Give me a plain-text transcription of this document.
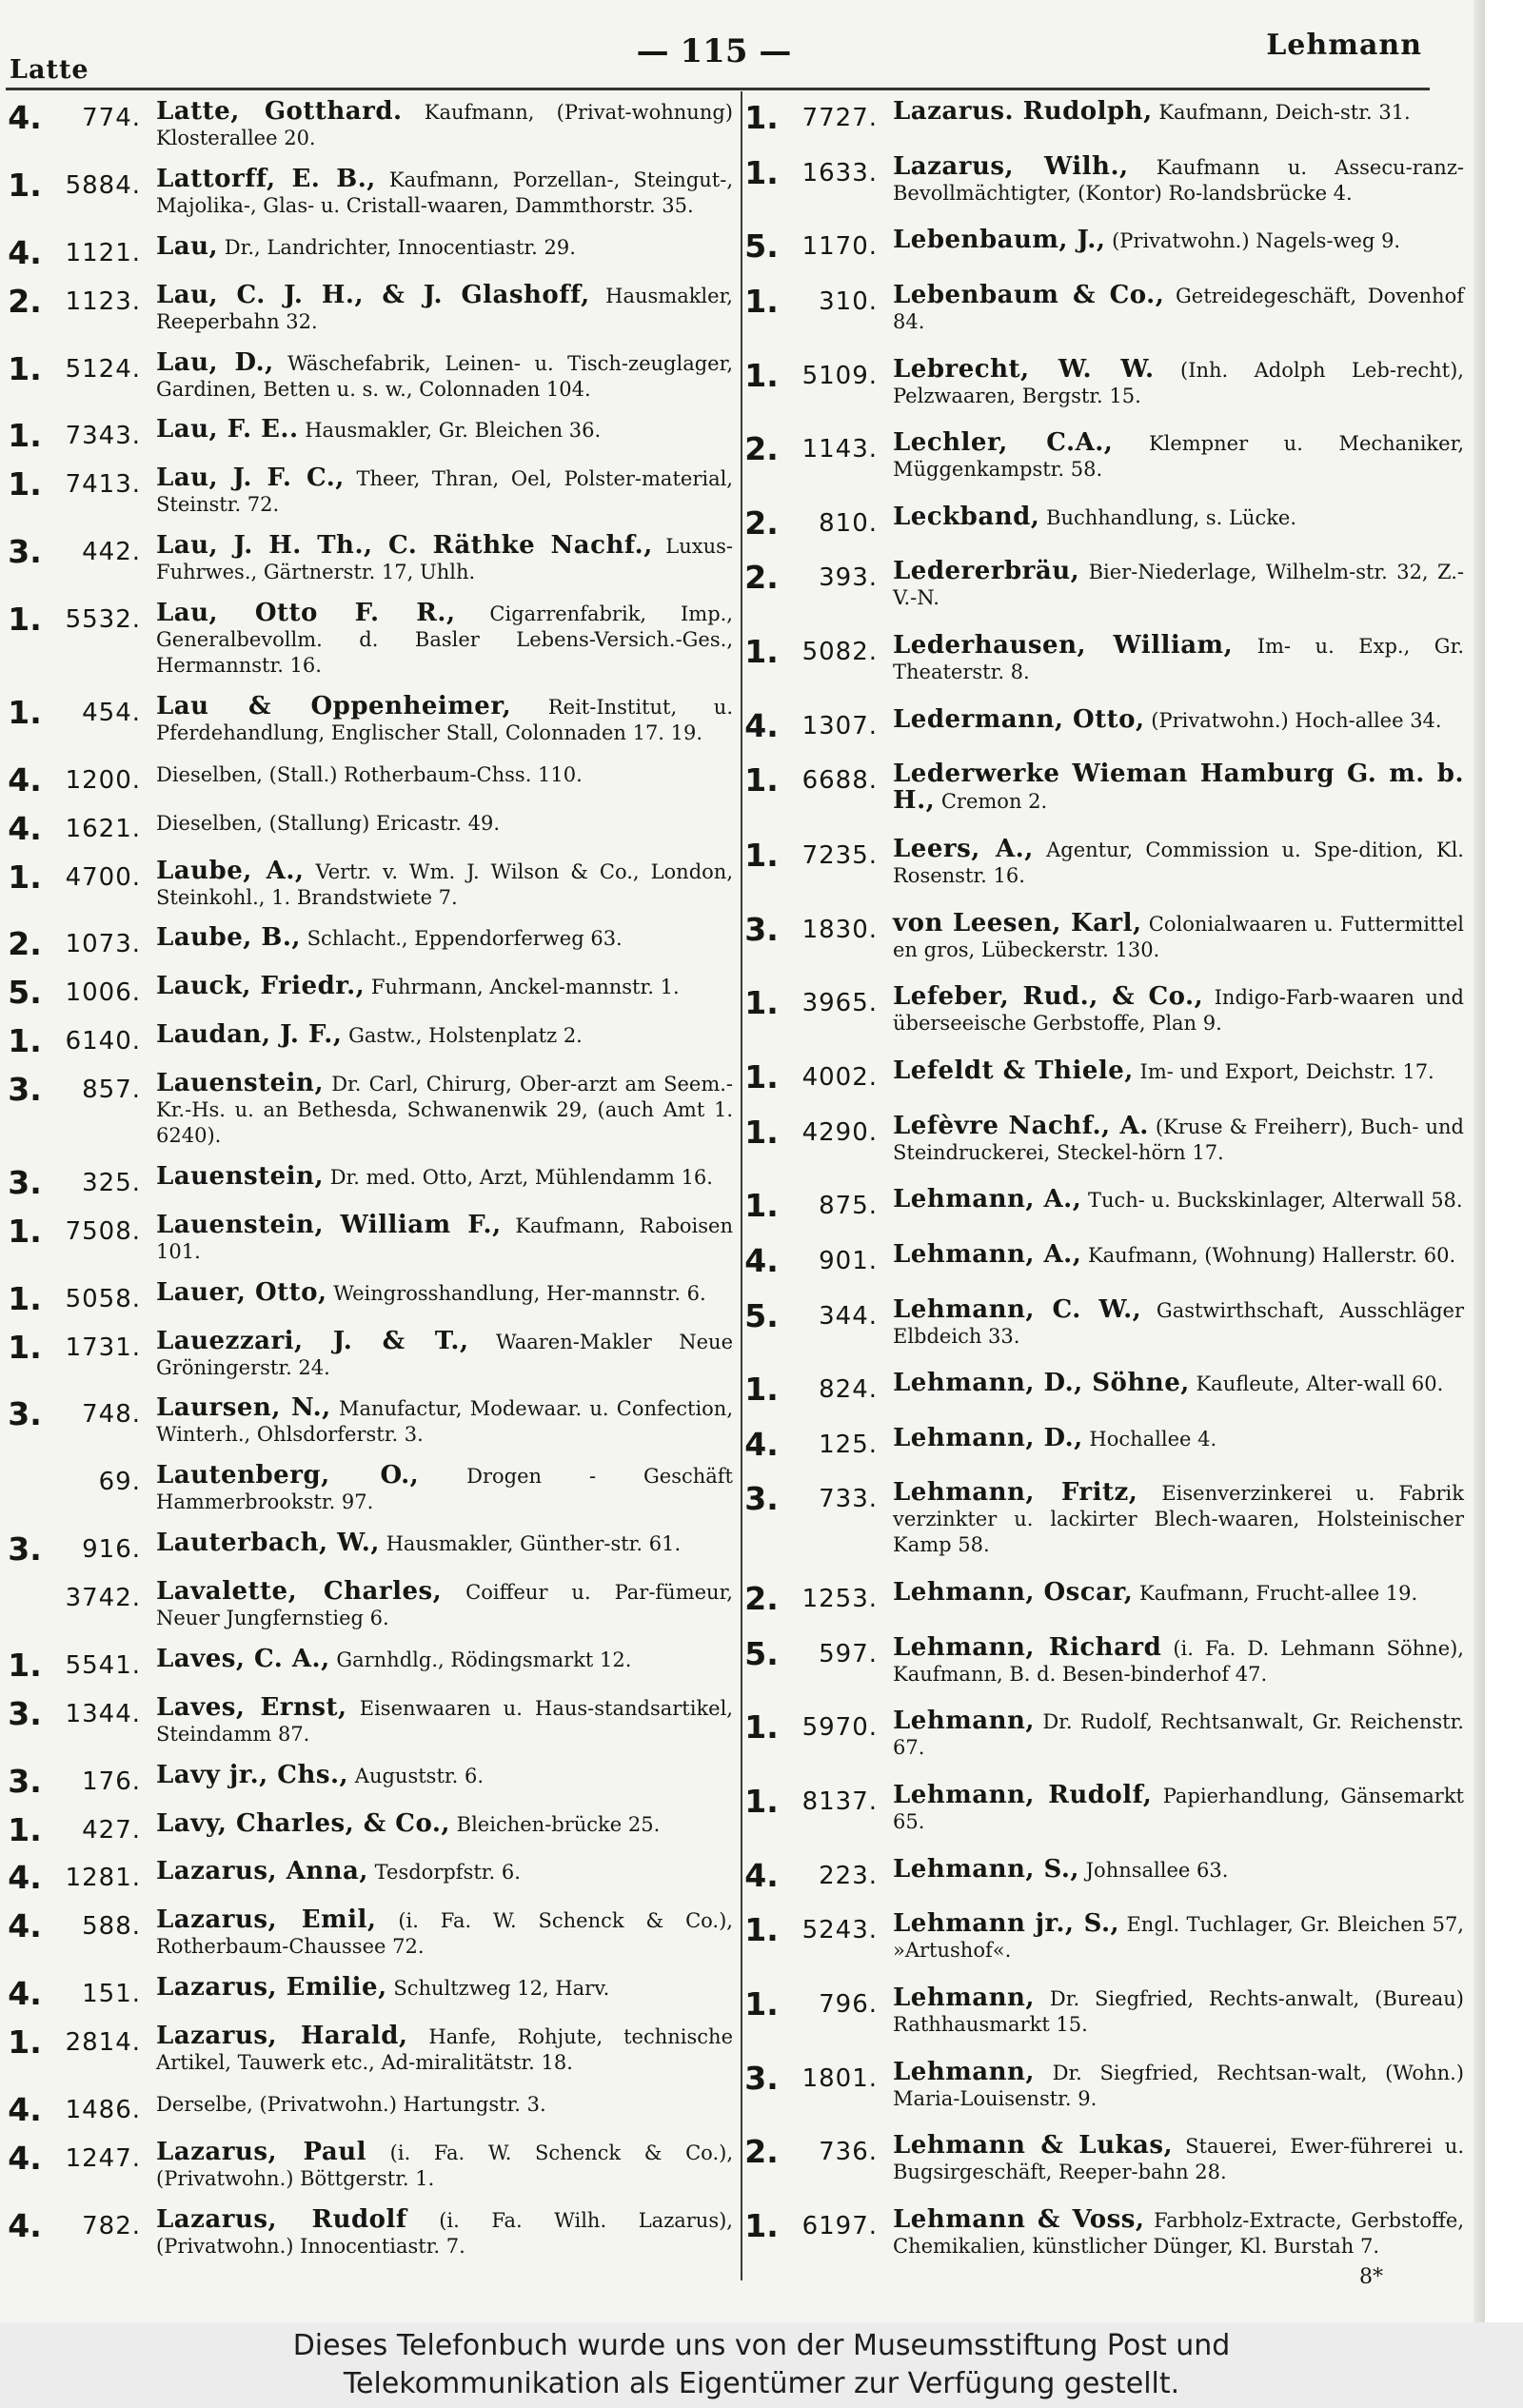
Latte	— 115 —	Lehmann
4.	774. Latte, Gotthard. Kaufmann, (Privat-wohnung) Klosterallee 20.
1. 5884. Lattorff, E. B., Kaufmann, Porzellan-, Steingut-, Majolika-, Glas- u. Cristall-waaren, Dammthorstr. 35.
4. 1121. Lau, Dr., Landrichter, Innocentiastr. 29.
2. 1123. Lau, C. J. H., & J. Glashoff, Hausmakler, Reeperbahn 32.
1. 5124. Lau, D., Wäschefabrik, Leinen- u. Tisch-zeuglager, Gardinen, Betten u. s. w., Colonnaden 104.
1. 7343. Lau, F. E.. Hausmakler, Gr. Bleichen 36.
1. 7413. Lau, J. F. C., Theer, Thran, Oel, Polster-material, Steinstr. 72.
3.	442. Lau, J. H. Th., C. Räthke Nachf., Luxus-Fuhrwes., Gärtnerstr. 17, Uhlh.
1. 5532. Lau, Otto F. R., Cigarrenfabrik, Imp., Generalbevollm. d. Basler Lebens-Versich.-Ges., Hermannstr. 16.
1.	454. Lau & Oppenheimer, Reit-Institut, u. Pferdehandlung, Englischer Stall, Colonnaden 17. 19.
4. 1200. Dieselben, (Stall.) Rotherbaum-Chss. 110.
4. 1621. Dieselben, (Stallung) Ericastr. 49.
1. 4700. Laube, A., Vertr. v. Wm. J. Wilson & Co., London, Steinkohl., 1. Brandstwiete 7.
2. 1073. Laube, B., Schlacht., Eppendorferweg 63.
5. 1006. Lauck, Friedr., Fuhrmann, Anckel-mannstr. 1.
1. 6140. Laudan, J. F., Gastw., Holstenplatz 2.
3.	857. Lauenstein, Dr. Carl, Chirurg, Ober-arzt am Seem.-Kr.-Hs. u. an Bethesda, Schwanenwik 29, (auch Amt 1. 6240).
3.	325. Lauenstein, Dr. med. Otto, Arzt, Mühlendamm 16.
1. 7508. Lauenstein, William F., Kaufmann, Raboisen 101.
1. 5058. Lauer, Otto, Weingrosshandlung, Her-mannstr. 6.
1. 1731. Lauezzari, J. & T., Waaren-Makler Neue Gröningerstr. 24.
3.	748. Laursen, N., Manufactur, Modewaar. u. Confection, Winterh., Ohlsdorferstr. 3.
69. Lautenberg, O., Drogen - Geschäft Hammerbrookstr. 97.
3.	916. Lauterbach, W., Hausmakler, Günther-str. 61.
3742. Lavalette, Charles, Coiffeur u. Par-fümeur, Neuer Jungfernstieg 6.
1. 5541. Laves, C. A., Garnhdlg., Rödingsmarkt 12.
3. 1344. Laves, Ernst, Eisenwaaren u. Haus-standsartikel, Steindamm 87.
3.	176. Lavy jr., Chs., Auguststr. 6.
1.	427. Lavy, Charles, & Co., Bleichen-brücke 25.
4. 1281. Lazarus, Anna, Tesdorpfstr. 6.
4.	588. Lazarus, Emil, (i. Fa. W. Schenck & Co.), Rotherbaum-Chaussee 72.
4.	151. Lazarus, Emilie, Schultzweg 12, Harv.
1. 2814. Lazarus, Harald, Hanfe, Rohjute, technische Artikel, Tauwerk etc., Ad-miralitätstr. 18.
4. 1486. Derselbe, (Privatwohn.) Hartungstr. 3.
4. 1247. Lazarus, Paul (i. Fa. W. Schenck & Co.), (Privatwohn.) Böttgerstr. 1.
4.	782. Lazarus, Rudolf (i. Fa. Wilh. Lazarus), (Privatwohn.) Innocentiastr. 7.
1. 7727. Lazarus. Rudolph, Kaufmann, Deich-str. 31.
1. 1633. Lazarus, Wilh., Kaufmann u. Assecu-ranz-Bevollmächtigter, (Kontor) Ro-landsbrücke 4.
5. 1170. Lebenbaum, J., (Privatwohn.) Nagels-weg 9.
1.	310. Lebenbaum & Co., Getreidegeschäft, Dovenhof 84.
1. 5109. Lebrecht, W. W. (Inh. Adolph Leb-recht), Pelzwaaren, Bergstr. 15.
2. 1143. Lechler, C.A., Klempner u. Mechaniker, Müggenkampstr. 58.
2.	810. Leckband, Buchhandlung, s. Lücke.
2.	393. Ledererbräu, Bier-Niederlage, Wilhelm-str. 32, Z.-V.-N.
1. 5082. Lederhausen, William, Im- u. Exp., Gr. Theaterstr. 8.
4. 1307. Ledermann, Otto, (Privatwohn.) Hoch-allee 34.
1. 6688. Lederwerke Wieman Hamburg G. m. b. H., Cremon 2.
1. 7235. Leers, A., Agentur, Commission u. Spe-dition, Kl. Rosenstr. 16.
3. 1830. von Leesen, Karl, Colonialwaaren u. Futtermittel en gros, Lübeckerstr. 130.
1. 3965. Lefeber, Rud., & Co., Indigo-Farb-waaren und überseeische Gerbstoffe, Plan 9.
1. 4002. Lefeldt & Thiele, Im- und Export, Deichstr. 17.
1. 4290. Lefèvre Nachf., A. (Kruse & Freiherr), Buch- und Steindruckerei, Steckel-hörn 17.
1.	875. Lehmann, A., Tuch- u. Buckskinlager, Alterwall 58.
4.	901. Lehmann, A., Kaufmann, (Wohnung) Hallerstr. 60.
5.	344. Lehmann, C. W., Gastwirthschaft, Ausschläger Elbdeich 33.
1.	824. Lehmann, D., Söhne, Kaufleute, Alter-wall 60.
4.	125. Lehmann, D., Hochallee 4.
3.	733. Lehmann, Fritz, Eisenverzinkerei u. Fabrik verzinkter u. lackirter Blech-waaren, Holsteinischer Kamp 58.
2. 1253. Lehmann, Oscar, Kaufmann, Frucht-allee 19.
5.	597. Lehmann, Richard (i. Fa. D. Lehmann Söhne), Kaufmann, B. d. Besen-binderhof 47.
1. 5970. Lehmann, Dr. Rudolf, Rechtsanwalt, Gr. Reichenstr. 67.
1. 8137. Lehmann, Rudolf, Papierhandlung, Gänsemarkt 65.
4.	223. Lehmann, S., Johnsallee 63.
1. 5243. Lehmann jr., S., Engl. Tuchlager, Gr. Bleichen 57, »Artushof«.
1.	796. Lehmann, Dr. Siegfried, Rechts-anwalt, (Bureau) Rathhausmarkt 15.
3. 1801. Lehmann, Dr. Siegfried, Rechtsan-walt, (Wohn.) Maria-Louisenstr. 9.
2.	736. Lehmann & Lukas, Stauerei, Ewer-führerei u. Bugsirgeschäft, Reeper-bahn 28.
1. 6197. Lehmann & Voss, Farbholz-Extracte, Gerbstoffe, Chemikalien, künstlicher Dünger, Kl. Burstah 7.
8*
Dieses Telefonbuch wurde uns von der Museumsstiftung Post und
Telekommunikation als Eigentümer zur Verfügung gestellt.
